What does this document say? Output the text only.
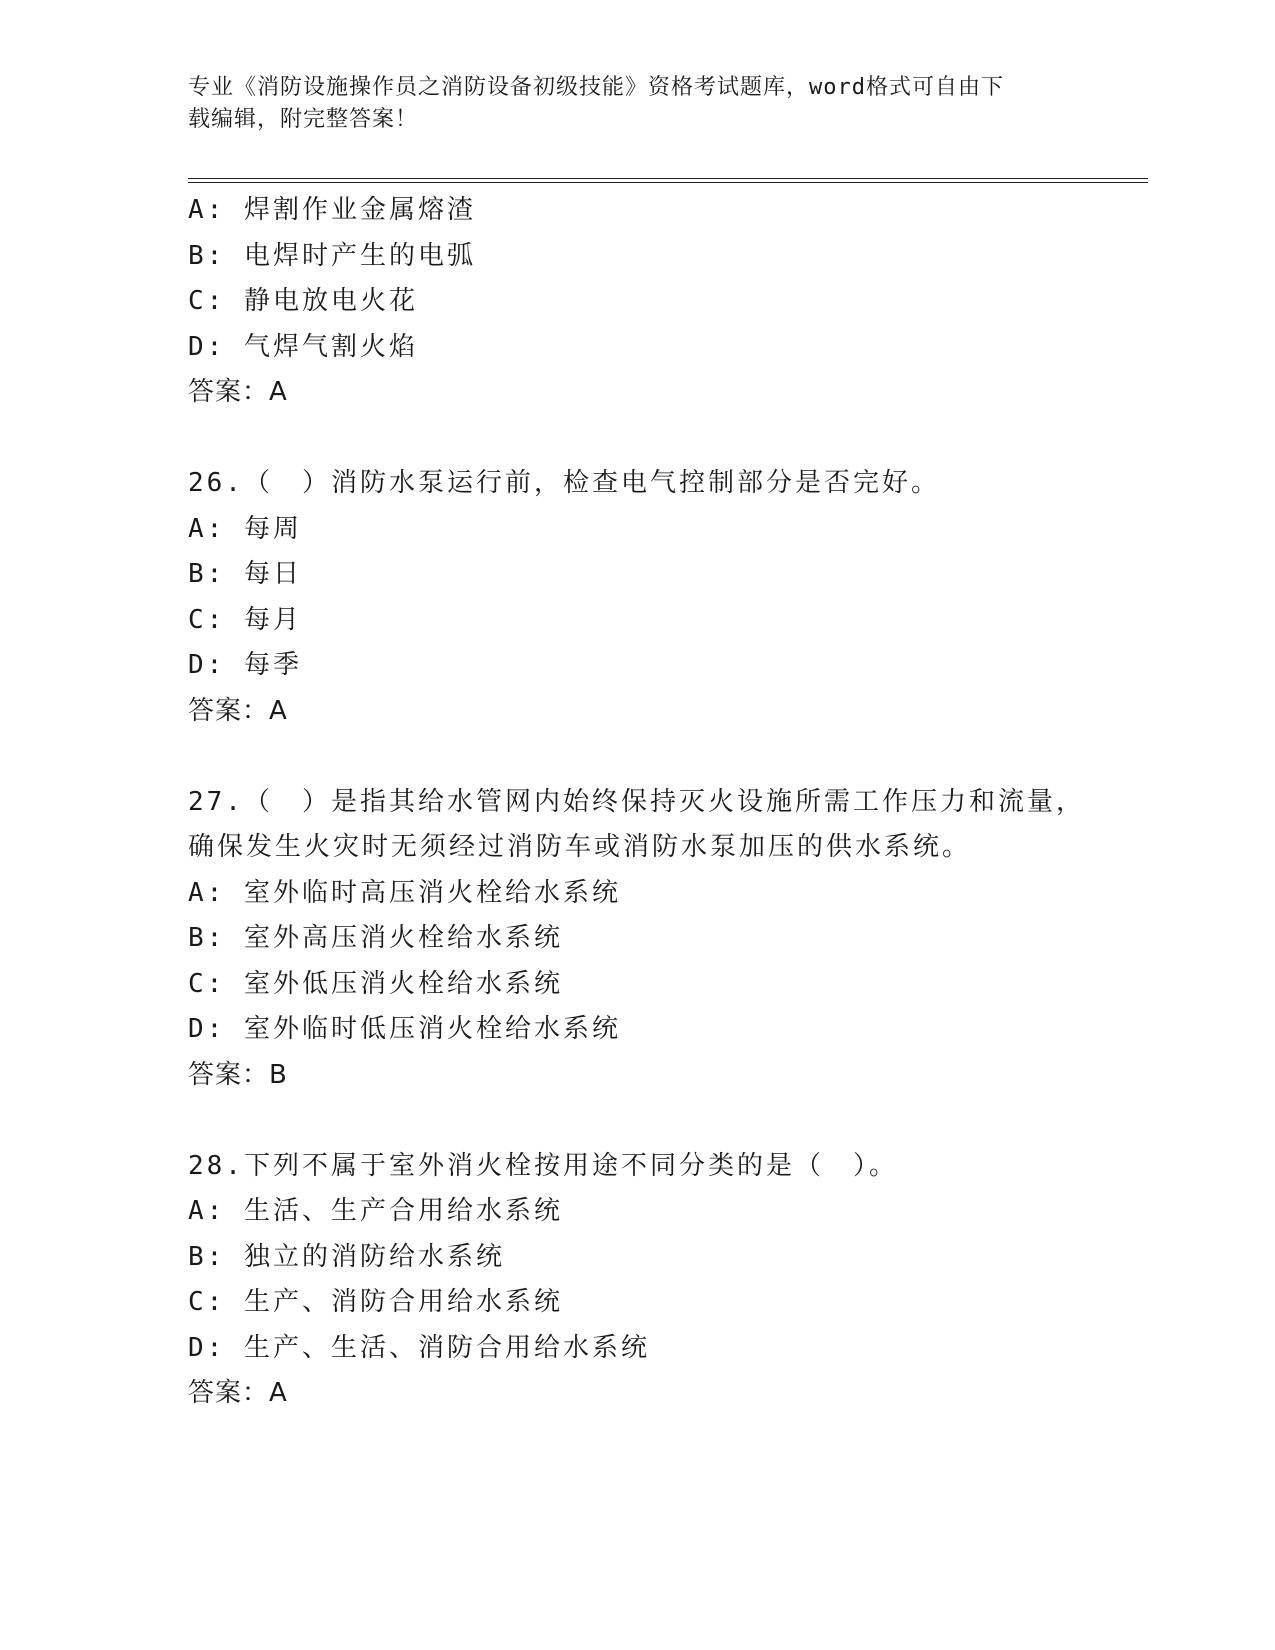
专业《消防设施操作员之消防设备初级技能》资格考试题库，word格式可自由下
载编辑，附完整答案！
A: 焊割作业金属熔渣
B: 电焊时产生的电弧
C: 静电放电火花
D: 气焊气割火焰
答案：A
26.（　）消防水泵运行前，检查电气控制部分是否完好。
A: 每周
B: 每日
C: 每月
D: 每季
答案：A
27.（　）是指其给水管网内始终保持灭火设施所需工作压力和流量，
确保发生火灾时无须经过消防车或消防水泵加压的供水系统。
A: 室外临时高压消火栓给水系统
B: 室外高压消火栓给水系统
C: 室外低压消火栓给水系统
D: 室外临时低压消火栓给水系统
答案：B
28.下列不属于室外消火栓按用途不同分类的是（　）。
A: 生活、生产合用给水系统
B: 独立的消防给水系统
C: 生产、消防合用给水系统
D: 生产、生活、消防合用给水系统
答案：A
